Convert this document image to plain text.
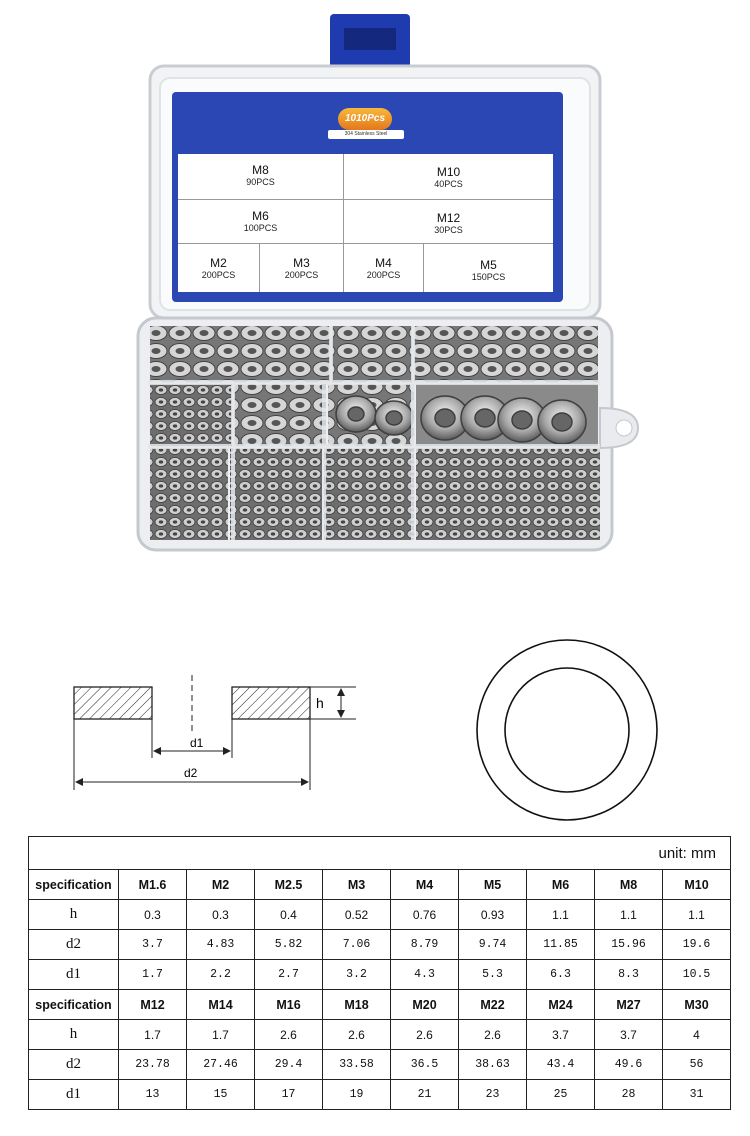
1010Pcs
304 Stainless Steel
M8
90PCS
M10
40PCS
M6
100PCS
M12
30PCS
M2
200PCS
M3
200PCS
M4
200PCS
M5
150PCS
d1
d2
h
unit: mm									
specification	M1.6	M2	M2.5	M3	M4	M5	M6	M8	M10
h	0.3	0.3	0.4	0.52	0.76	0.93	1.1	1.1	1.1
d2	3.7	4.83	5.82	7.06	8.79	9.74	11.85	15.96	19.6
d1	1.7	2.2	2.7	3.2	4.3	5.3	6.3	8.3	10.5
specification	M12	M14	M16	M18	M20	M22	M24	M27	M30
h	1.7	1.7	2.6	2.6	2.6	2.6	3.7	3.7	4
d2	23.78	27.46	29.4	33.58	36.5	38.63	43.4	49.6	56
d1	13	15	17	19	21	23	25	28	31
